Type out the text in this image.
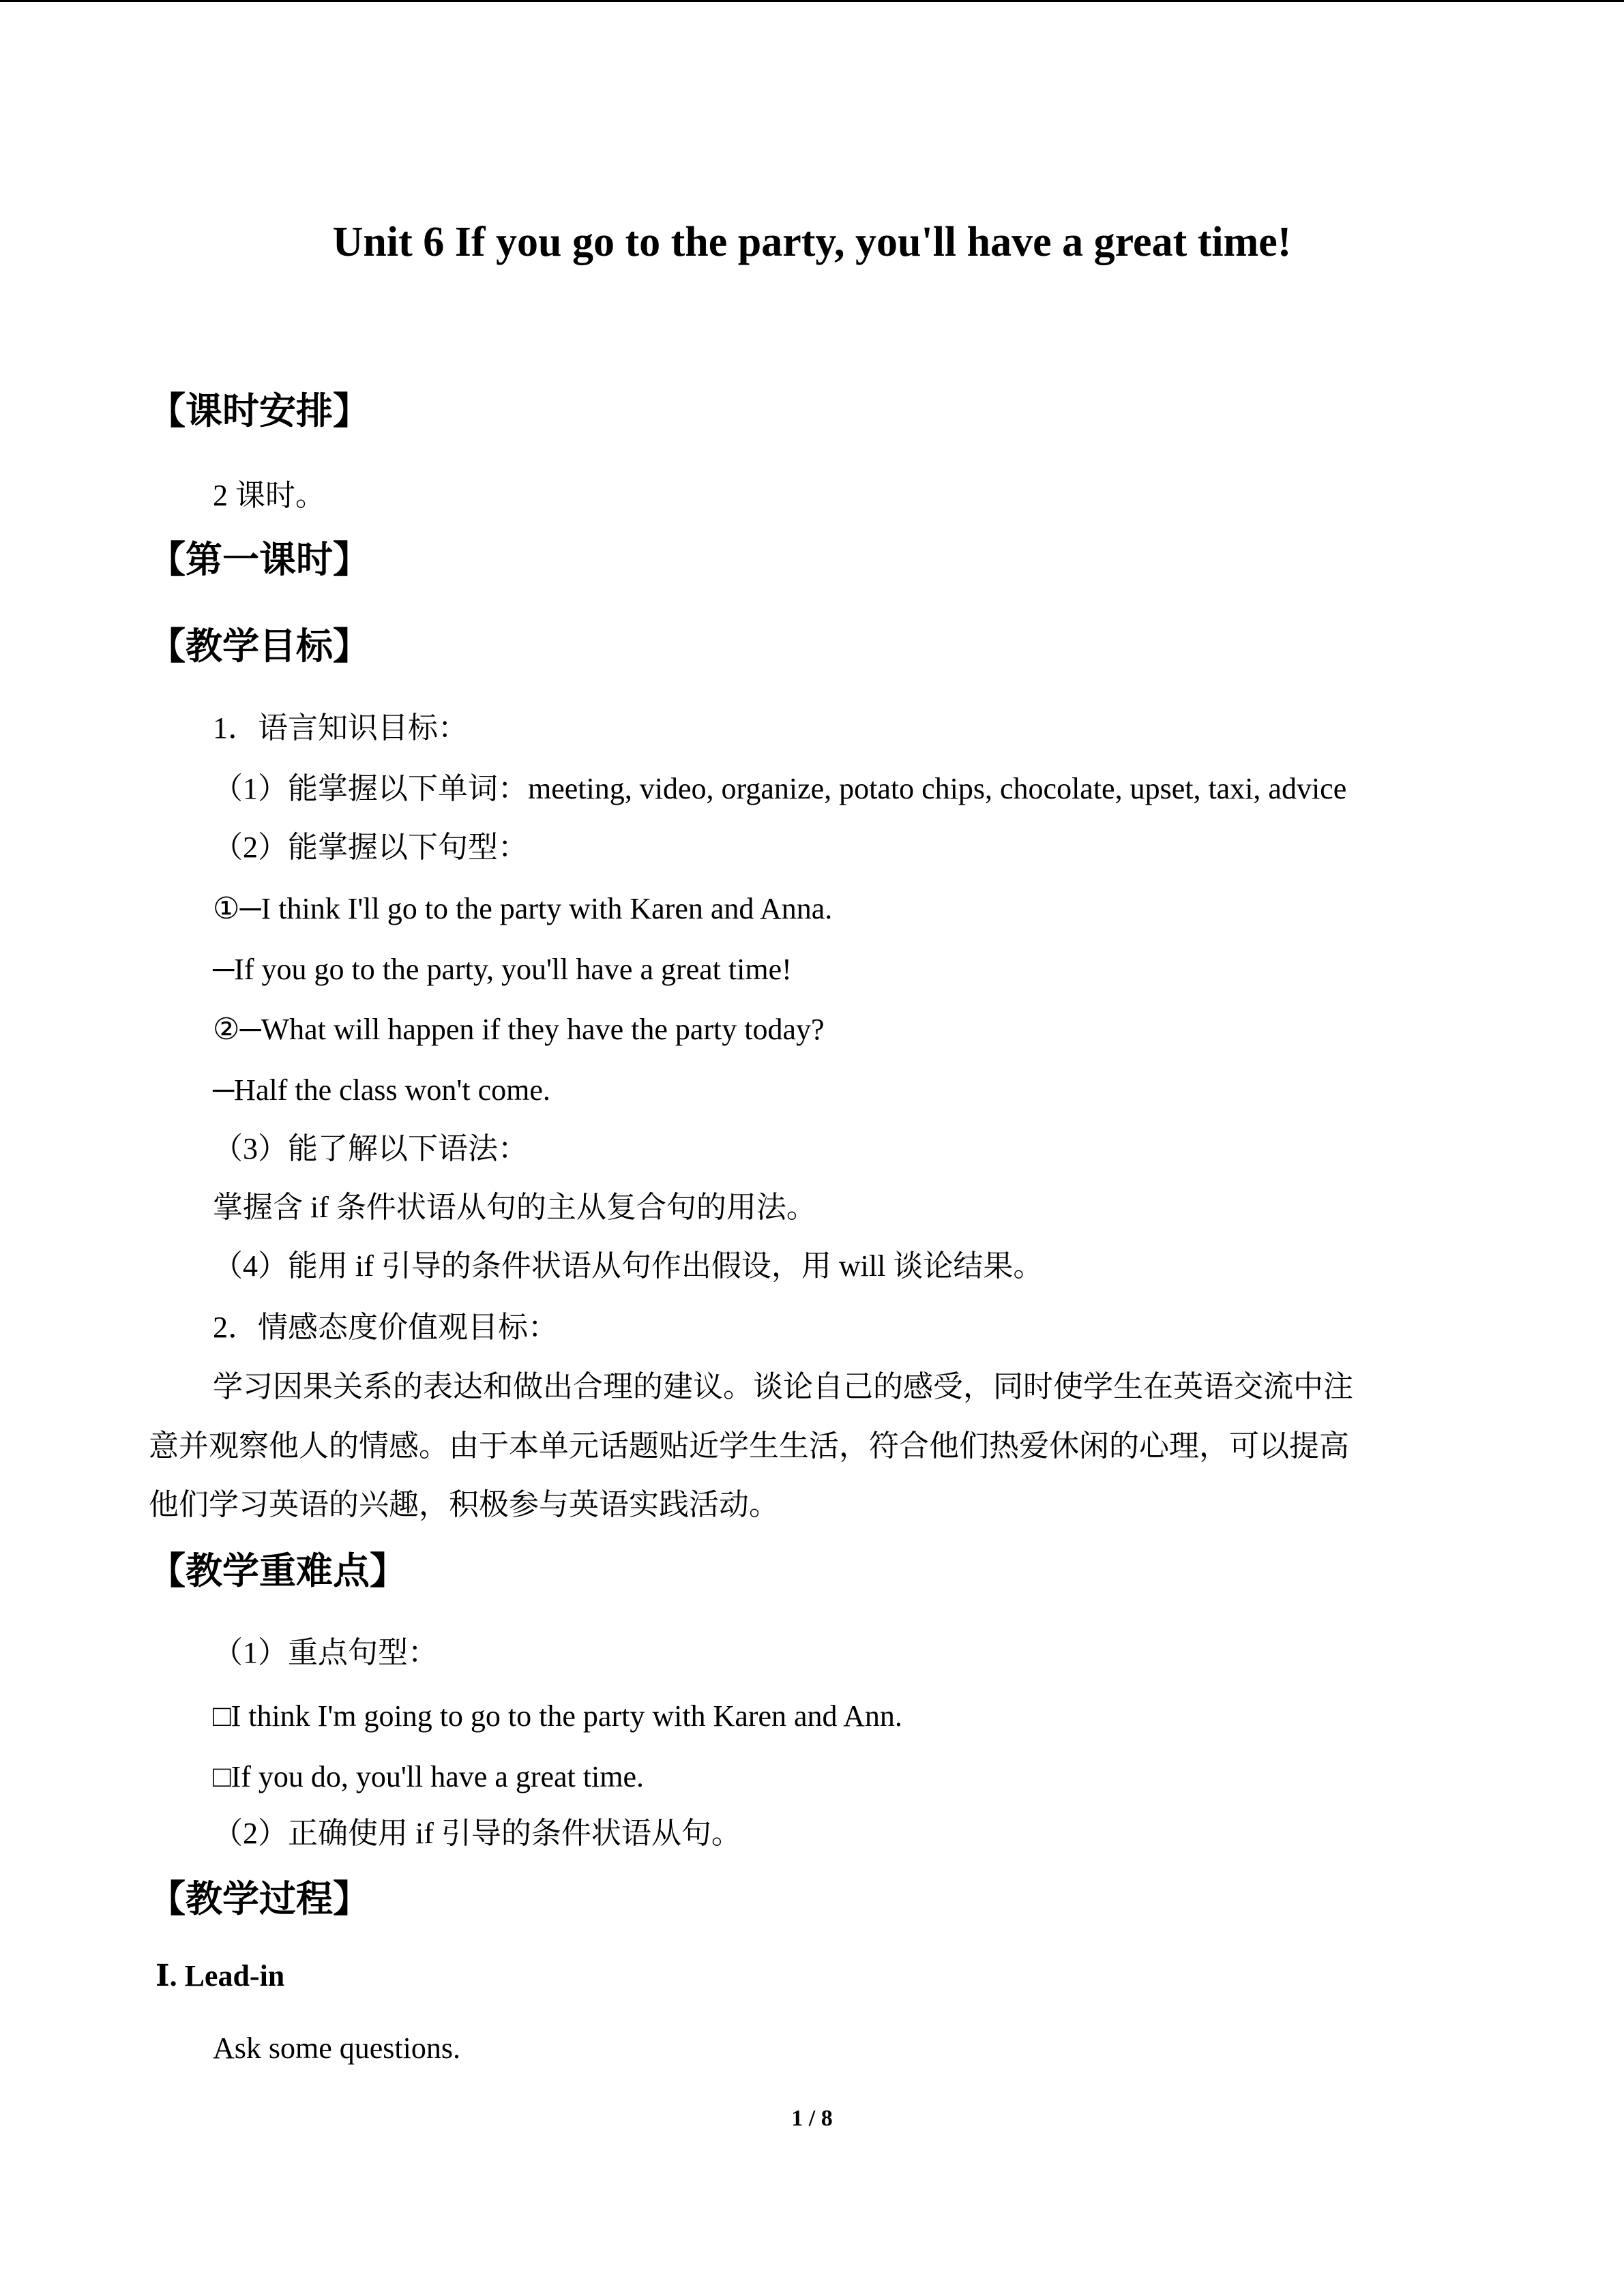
Unit 6 If you go to the party, you'll have a great time!
【课时安排】
2 课时。
【第一课时】
【教学目标】
1．语言知识目标：
（1）能掌握以下单词：meeting, video, organize, potato chips, chocolate, upset, taxi, advice
（2）能掌握以下句型：
①─I think I'll go to the party with Karen and Anna.
─If you go to the party, you'll have a great time!
②─What will happen if they have the party today?
─Half the class won't come.
（3）能了解以下语法：
掌握含 if 条件状语从句的主从复合句的用法。
（4）能用 if 引导的条件状语从句作出假设，用 will 谈论结果。
2．情感态度价值观目标：
学习因果关系的表达和做出合理的建议。谈论自己的感受，同时使学生在英语交流中注
意并观察他人的情感。由于本单元话题贴近学生生活，符合他们热爱休闲的心理，可以提高
他们学习英语的兴趣，积极参与英语实践活动。
【教学重难点】
（1）重点句型：
□I think I'm going to go to the party with Karen and Ann.
□If you do, you'll have a great time.
（2）正确使用 if 引导的条件状语从句。
【教学过程】
Ⅰ. Lead-in
Ask some questions.
1 / 8
